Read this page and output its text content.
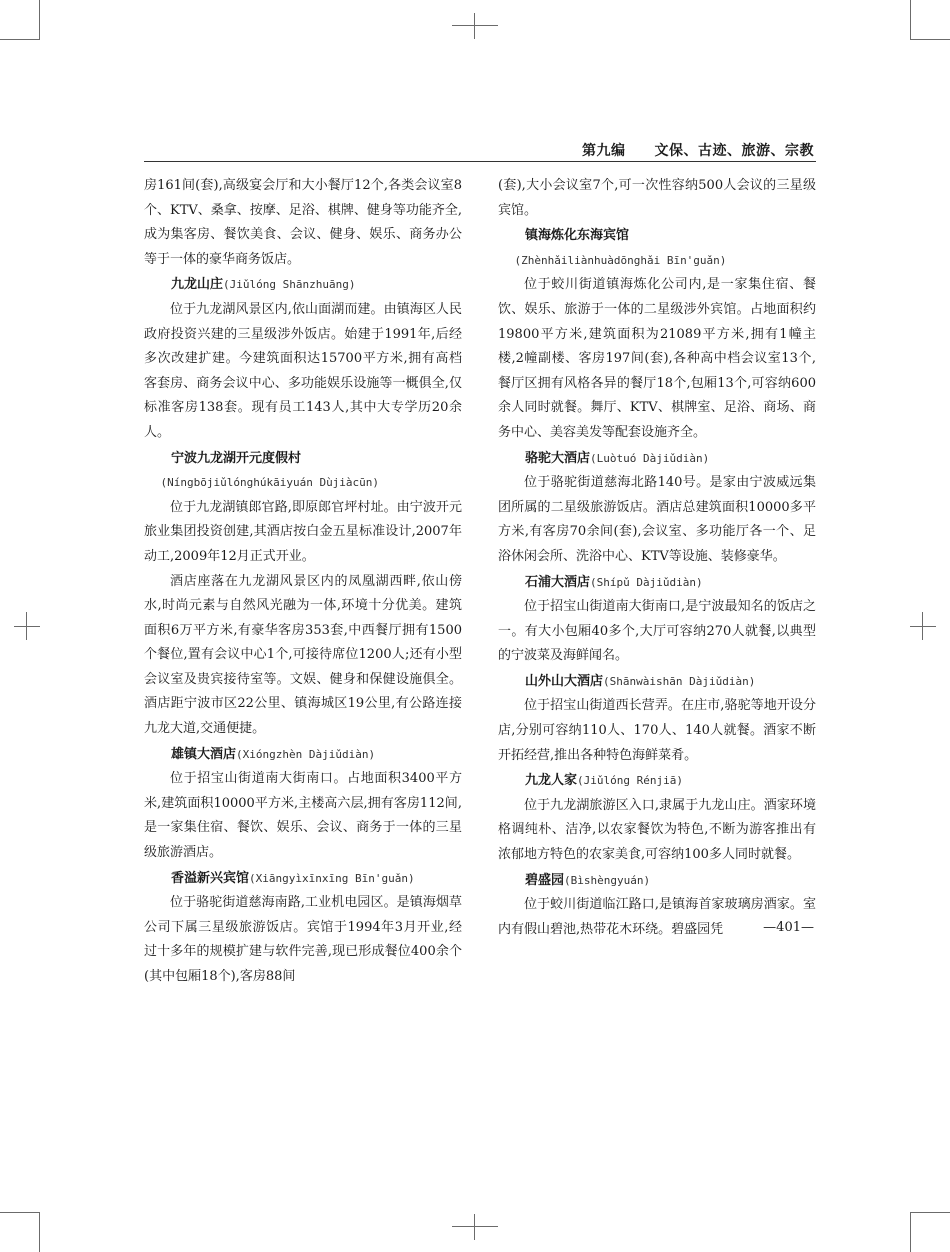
第九编　　文保、古迹、旅游、宗教

房161间(套),高级宴会厅和大小餐厅12个,各类会议室8个、KTV、桑拿、按摩、足浴、棋牌、健身等功能齐全,成为集客房、餐饮美食、会议、健身、娱乐、商务办公等于一体的豪华商务饭店。

九龙山庄(Jiǔlóng Shānzhuāng)

位于九龙湖风景区内,依山面湖而建。由镇海区人民政府投资兴建的三星级涉外饭店。始建于1991年,后经多次改建扩建。今建筑面积达15700平方米,拥有高档客套房、商务会议中心、多功能娱乐设施等一概俱全,仅标准客房138套。现有员工143人,其中大专学历20余人。

宁波九龙湖开元度假村

(Níngbōjiǔlónghúkāiyuán Dùjiàcūn)

位于九龙湖镇郎官路,即原郎官坪村址。由宁波开元旅业集团投资创建,其酒店按白金五星标准设计,2007年动工,2009年12月正式开业。

酒店座落在九龙湖风景区内的凤凰湖西畔,依山傍水,时尚元素与自然风光融为一体,环境十分优美。建筑面积6万平方米,有豪华客房353套,中西餐厅拥有1500个餐位,置有会议中心1个,可接待席位1200人;还有小型会议室及贵宾接待室等。文娱、健身和保健设施俱全。酒店距宁波市区22公里、镇海城区19公里,有公路连接九龙大道,交通便捷。

雄镇大酒店(Xióngzhèn Dàjiǔdiàn)

位于招宝山街道南大街南口。占地面积3400平方米,建筑面积10000平方米,主楼高六层,拥有客房112间,是一家集住宿、餐饮、娱乐、会议、商务于一体的三星级旅游酒店。

香溢新兴宾馆(Xiāngyìxīnxīng Bīn'guǎn)

位于骆驼街道慈海南路,工业机电园区。是镇海烟草公司下属三星级旅游饭店。宾馆于1994年3月开业,经过十多年的规模扩建与软件完善,现已形成餐位400余个(其中包厢18个),客房88间

(套),大小会议室7个,可一次性容纳500人会议的三星级宾馆。

镇海炼化东海宾馆

(Zhènhǎiliànhuàdōnghǎi Bīn'guǎn)

位于蛟川街道镇海炼化公司内,是一家集住宿、餐饮、娱乐、旅游于一体的二星级涉外宾馆。占地面积约19800平方米,建筑面积为21089平方米,拥有1幢主楼,2幢副楼、客房197间(套),各种高中档会议室13个,餐厅区拥有风格各异的餐厅18个,包厢13个,可容纳600余人同时就餐。舞厅、KTV、棋牌室、足浴、商场、商务中心、美容美发等配套设施齐全。

骆驼大酒店(Luòtuó Dàjiǔdiàn)

位于骆驼街道慈海北路140号。是家由宁波威远集团所属的二星级旅游饭店。酒店总建筑面积10000多平方米,有客房70余间(套),会议室、多功能厅各一个、足浴休闲会所、洗浴中心、KTV等设施、装修豪华。

石浦大酒店(Shípǔ Dàjiǔdiàn)

位于招宝山街道南大街南口,是宁波最知名的饭店之一。有大小包厢40多个,大厅可容纳270人就餐,以典型的宁波菜及海鲜闻名。

山外山大酒店(Shānwàishān Dàjiǔdiàn)

位于招宝山街道西长营弄。在庄市,骆驼等地开设分店,分别可容纳110人、170人、140人就餐。酒家不断开拓经营,推出各种特色海鲜菜肴。

九龙人家(Jiǔlóng Rénjiā)

位于九龙湖旅游区入口,隶属于九龙山庄。酒家环境格调纯朴、洁净,以农家餐饮为特色,不断为游客推出有浓郁地方特色的农家美食,可容纳100多人同时就餐。

碧盛园(Bìshèngyuán)

位于蛟川街道临江路口,是镇海首家玻璃房酒家。室内有假山碧池,热带花木环绕。碧盛园凭	—401—
